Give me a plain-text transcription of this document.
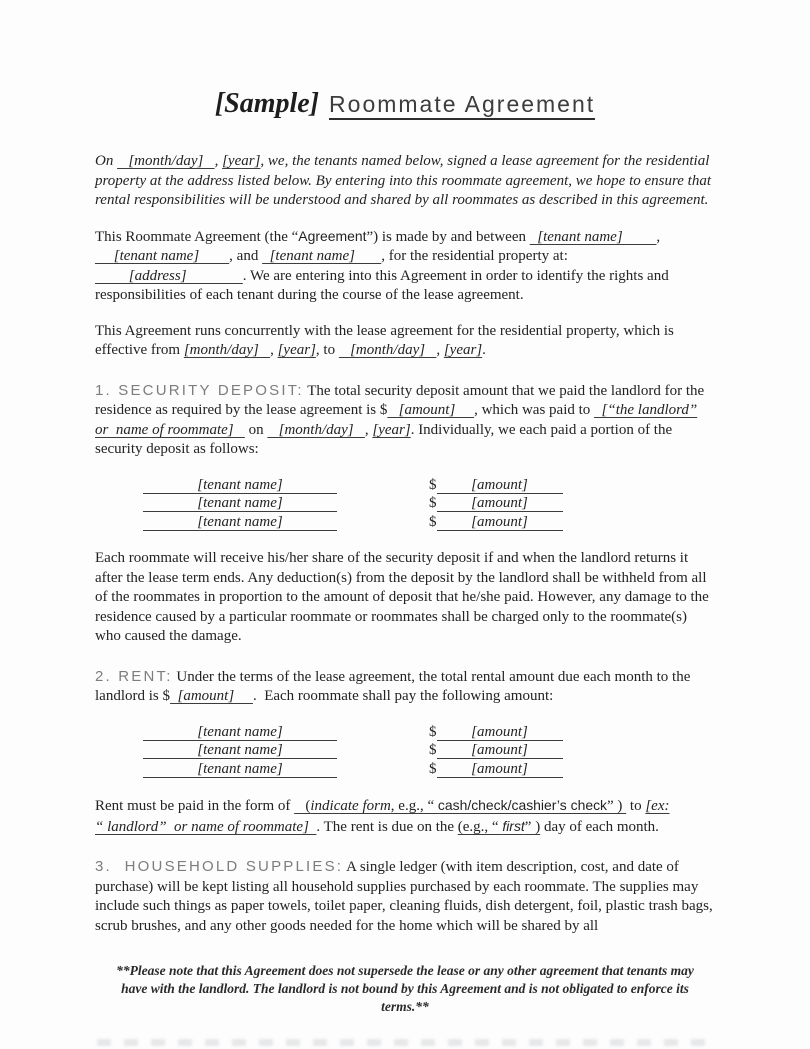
[Sample] Roommate Agreement

On    [month/day]   , [year], we, the tenants named below, signed a lease agreement for the residential property at the address listed below. By entering into this roommate agreement, we hope to ensure that rental responsibilities will be understood and shared by all roommates as described in this agreement.

This Roommate Agreement (the “Agreement”) is made by and between   [tenant name]         ,      [tenant name]        , and   [tenant name]       , for the residential property at:          [address]               . We are entering into this Agreement in order to identify the rights and responsibilities of each tenant during the course of the lease agreement.

This Agreement runs concurrently with the lease agreement for the residential property, which is effective from [month/day]   , [year], to    [month/day]   , [year].

1. SECURITY DEPOSIT: The total security deposit amount that we paid the landlord for the residence as required by the lease agreement is $   [amount]     , which was paid to   [“the landlord” or  name of roommate]    on    [month/day]   , [year]. Individually, we each paid a portion of the security deposit as follows:

[tenant name]	$ [amount]
[tenant name]	$ [amount]
[tenant name]	$ [amount]

Each roommate will receive his/her share of the security deposit if and when the landlord returns it after the lease term ends. Any deduction(s) from the deposit by the landlord shall be withheld from all of the roommates in proportion to the amount of deposit that he/she paid. However, any damage to the residence caused by a particular roommate or roommates shall be charged only to the roommate(s) who caused the damage.

2. RENT: Under the terms of the lease agreement, the total rental amount due each month to the landlord is $  [amount]     .  Each roommate shall pay the following amount:

[tenant name]	$ [amount]
[tenant name]	$ [amount]
[tenant name]	$ [amount]

Rent must be paid in the form of    (indicate form, e.g., “ cash/check/cashier’s check” )  to [ex: “ landlord”  or name of roommate]  . The rent is due on the (e.g., “ first” ) day of each month.

3.  HOUSEHOLD SUPPLIES: A single ledger (with item description, cost, and date of purchase) will be kept listing all household supplies purchased by each roommate. The supplies may include such things as paper towels, toilet paper, cleaning fluids, dish detergent, foil, plastic trash bags, scrub brushes, and any other goods needed for the home which will be shared by all

**Please note that this Agreement does not supersede the lease or any other agreement that tenants may have with the landlord. The landlord is not bound by this Agreement and is not obligated to enforce its terms.**
